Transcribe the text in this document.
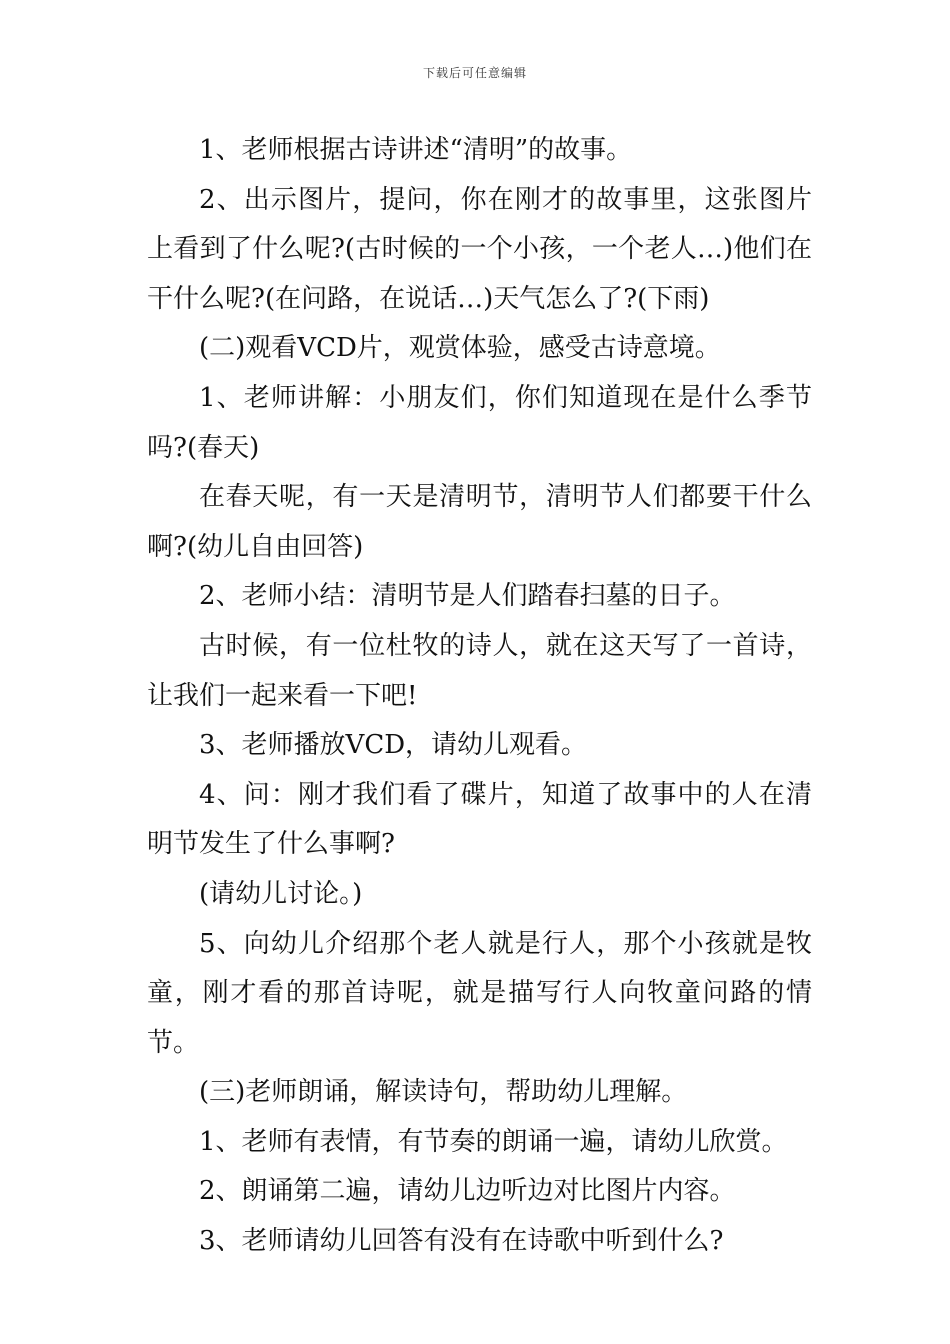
下载后可任意编辑

1、老师根据古诗讲述“清明”的故事。

2、出示图片，提问，你在刚才的故事里，这张图片上看到了什么呢?(古时候的一个小孩，一个老人…)他们在干什么呢?(在问路，在说话…)天气怎么了?(下雨)

(二)观看VCD片，观赏体验，感受古诗意境。

1、老师讲解：小朋友们，你们知道现在是什么季节吗?(春天)

在春天呢，有一天是清明节，清明节人们都要干什么啊?(幼儿自由回答)

2、老师小结：清明节是人们踏春扫墓的日子。

古时候，有一位杜牧的诗人，就在这天写了一首诗，让我们一起来看一下吧!

3、老师播放VCD，请幼儿观看。

4、问：刚才我们看了碟片，知道了故事中的人在清明节发生了什么事啊?

(请幼儿讨论。)

5、向幼儿介绍那个老人就是行人，那个小孩就是牧童，刚才看的那首诗呢，就是描写行人向牧童问路的情节。

(三)老师朗诵，解读诗句，帮助幼儿理解。

1、老师有表情，有节奏的朗诵一遍，请幼儿欣赏。

2、朗诵第二遍，请幼儿边听边对比图片内容。

3、老师请幼儿回答有没有在诗歌中听到什么?
